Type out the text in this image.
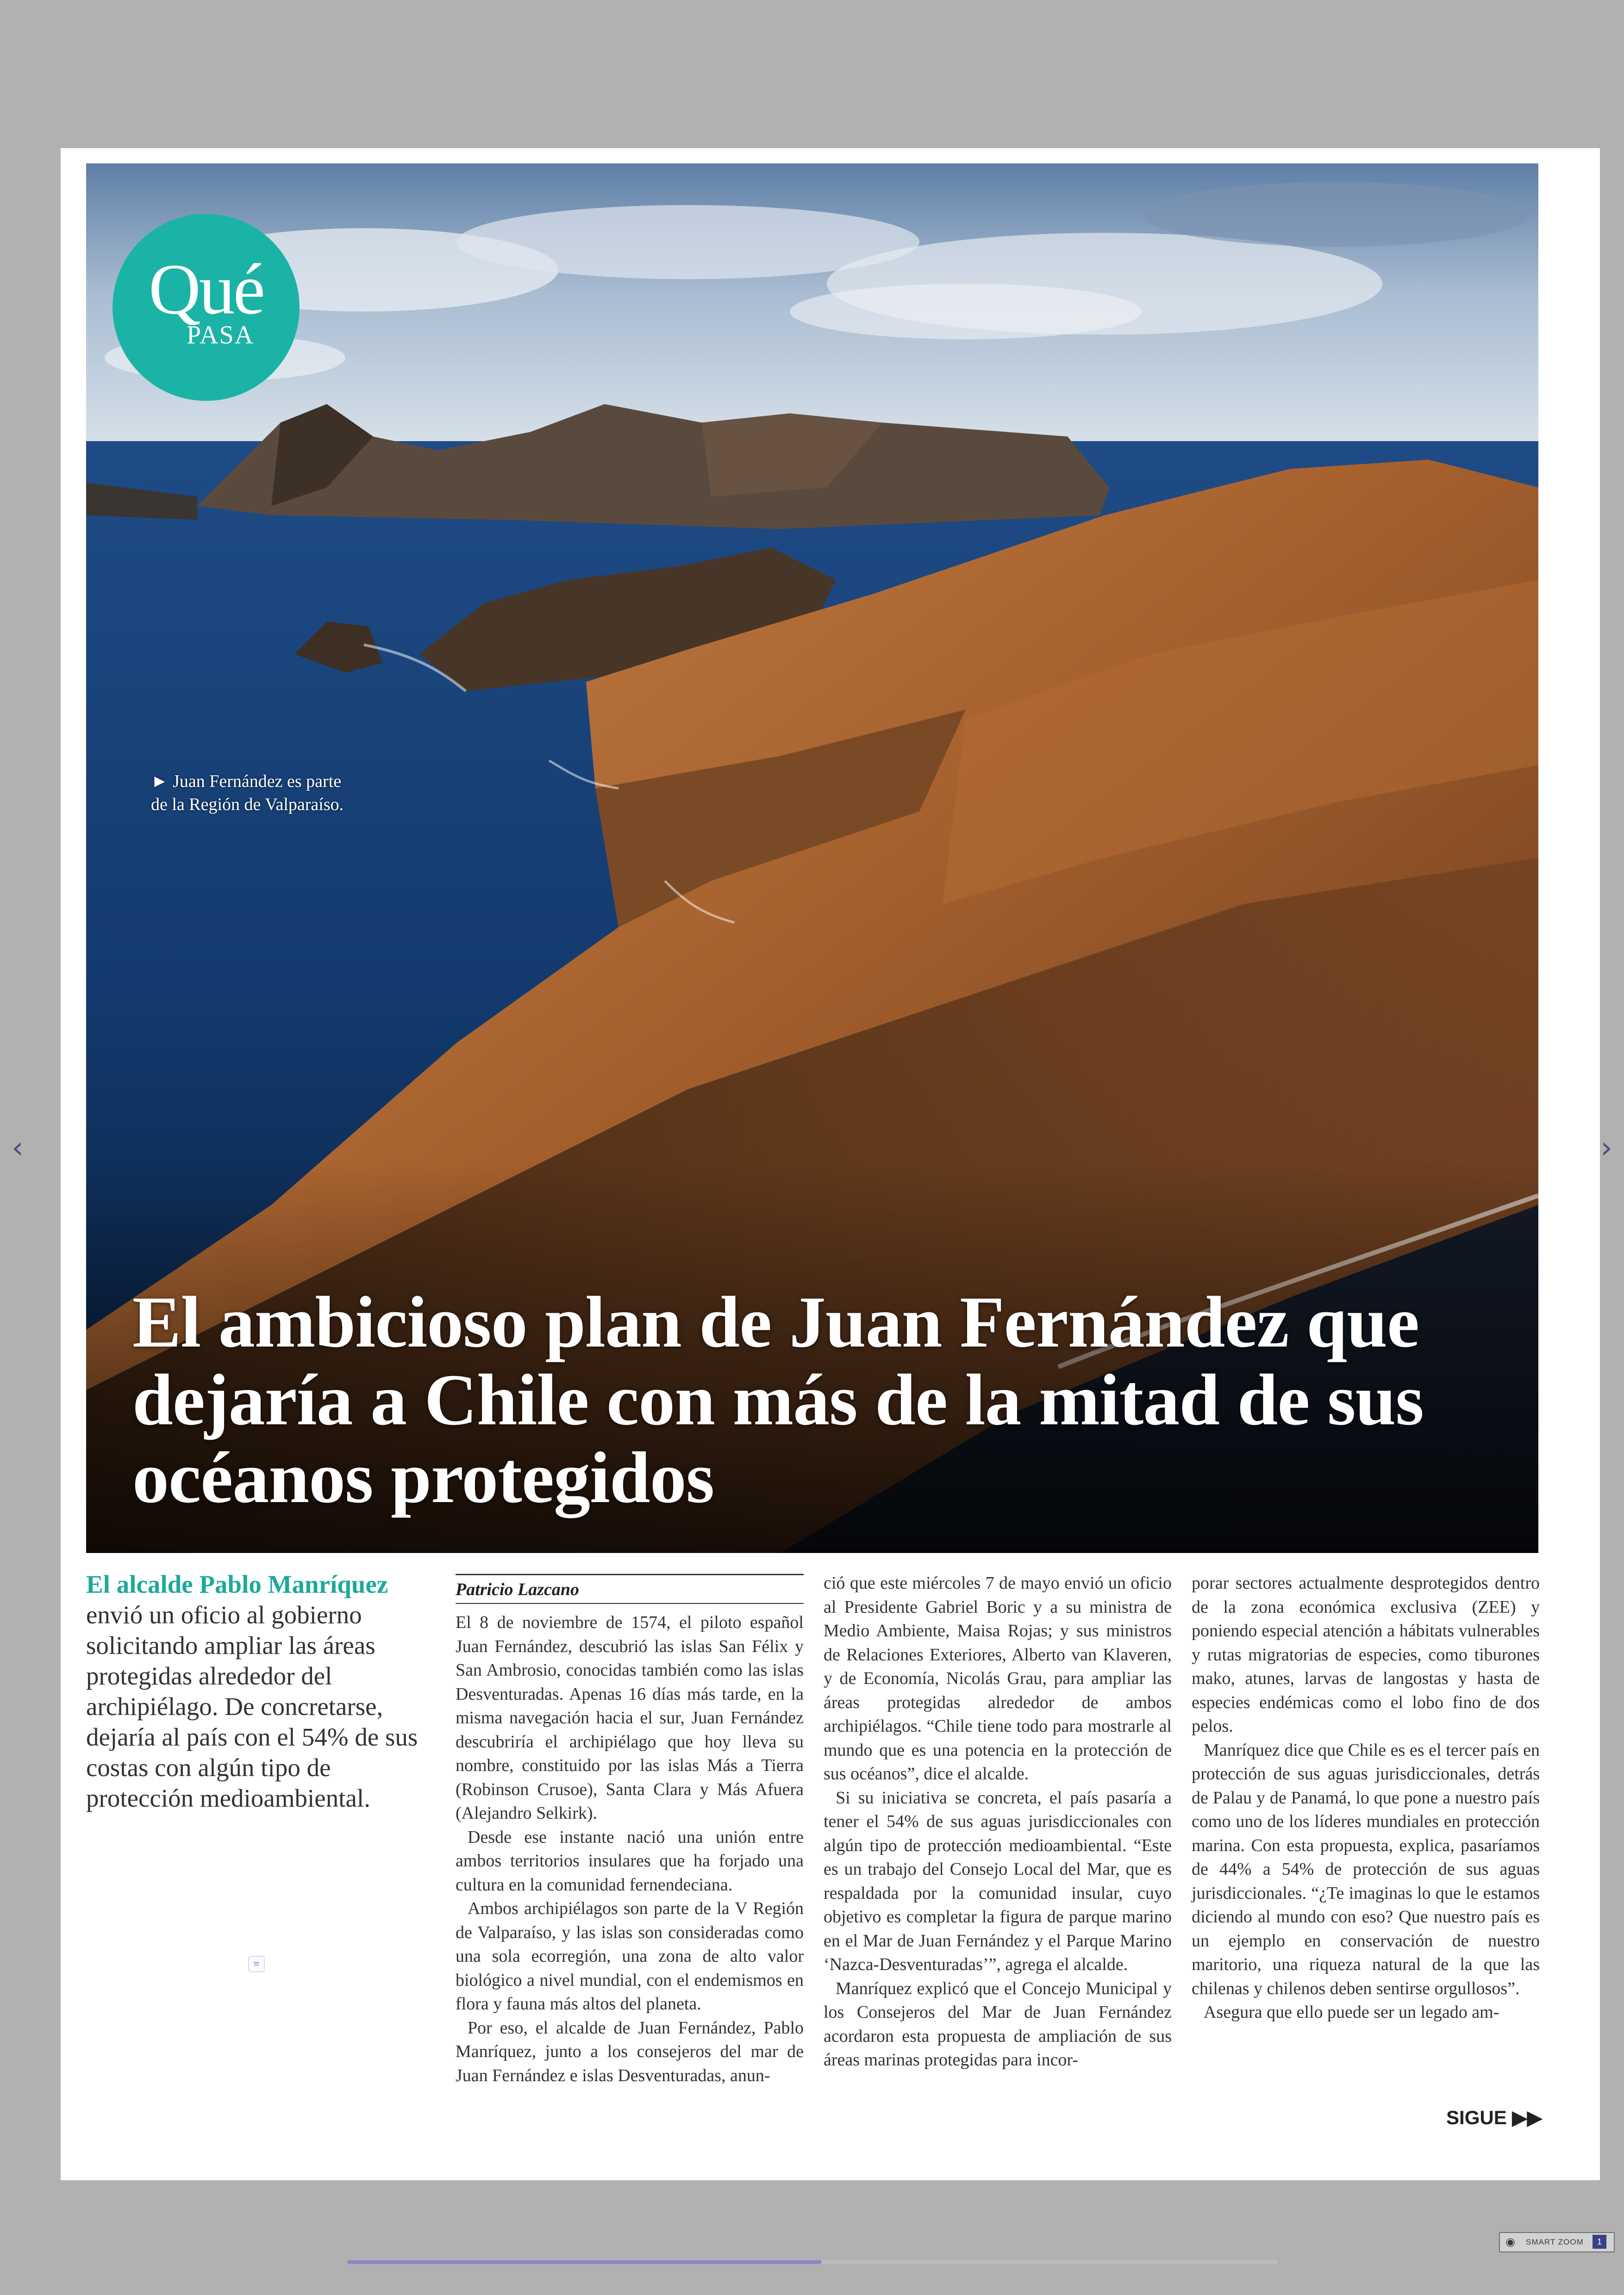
‹	›
Qué
PASA
► Juan Fernández es parte
de la Región de Valparaíso.
El ambicioso plan de Juan Fernández que dejaría a Chile con más de la mitad de sus océanos protegidos
El alcalde Pablo Manríquez envió un oficio al gobierno solicitando ampliar las áreas protegidas alrededor del archipiélago. De concretarse, dejaría al país con el 54% de sus costas con algún tipo de protección medioambiental.
Patricio Lazcano

El 8 de noviembre de 1574, el piloto español Juan Fernández, descubrió las islas San Félix y San Ambrosio, conocidas también como las islas Desventuradas. Apenas 16 días más tarde, en la misma navegación hacia el sur, Juan Fernández descubriría el archipiélago que hoy lleva su nombre, constituido por las islas Más a Tierra (Robinson Crusoe), Santa Clara y Más Afuera (Alejandro Selkirk).

Desde ese instante nació una unión entre ambos territorios insulares que ha forjado una cultura en la comunidad fernendeciana.

Ambos archipiélagos son parte de la V Región de Valparaíso, y las islas son consideradas como una sola ecorregión, una zona de alto valor biológico a nivel mundial, con el endemismos en flora y fauna más altos del planeta.

Por eso, el alcalde de Juan Fernández, Pablo Manríquez, junto a los consejeros del mar de Juan Fernández e islas Desventuradas, anun-

ció que este miércoles 7 de mayo envió un oficio al Presidente Gabriel Boric y a su ministra de Medio Ambiente, Maisa Rojas; y sus ministros de Relaciones Exteriores, Alberto van Klaveren, y de Economía, Nicolás Grau, para ampliar las áreas protegidas alrededor de ambos archipiélagos. “Chile tiene todo para mostrarle al mundo que es una potencia en la protección de sus océanos”, dice el alcalde.

Si su iniciativa se concreta, el país pasaría a tener el 54% de sus aguas jurisdiccionales con algún tipo de protección medioambiental. “Este es un trabajo del Consejo Local del Mar, que es respaldada por la comunidad insular, cuyo objetivo es completar la figura de parque marino en el Mar de Juan Fernández y el Parque Marino ‘Nazca-Desventuradas’”, agrega el alcalde.

Manríquez explicó que el Concejo Municipal y los Consejeros del Mar de Juan Fernández acordaron esta propuesta de ampliación de sus áreas marinas protegidas para incor-

porar sectores actualmente desprotegidos dentro de la zona económica exclusiva (ZEE) y poniendo especial atención a hábitats vulnerables y rutas migratorias de especies, como tiburones mako, atunes, larvas de langostas y hasta de especies endémicas como el lobo fino de dos pelos.

Manríquez dice que Chile es es el tercer país en protección de sus aguas jurisdiccionales, detrás de Palau y de Panamá, lo que pone a nuestro país como uno de los líderes mundiales en protección marina. Con esta propuesta, explica, pasaríamos de 44% a 54% de protección de sus aguas jurisdiccionales. “¿Te imaginas lo que le estamos diciendo al mundo con eso? Que nuestro país es un ejemplo en conservación de nuestro maritorio, una riqueza natural de la que las chilenas y chilenos deben sentirse orgullosos”.

Asegura que ello puede ser un legado am-

SIGUE ▶▶
≡
◉ SMART ZOOM	1
